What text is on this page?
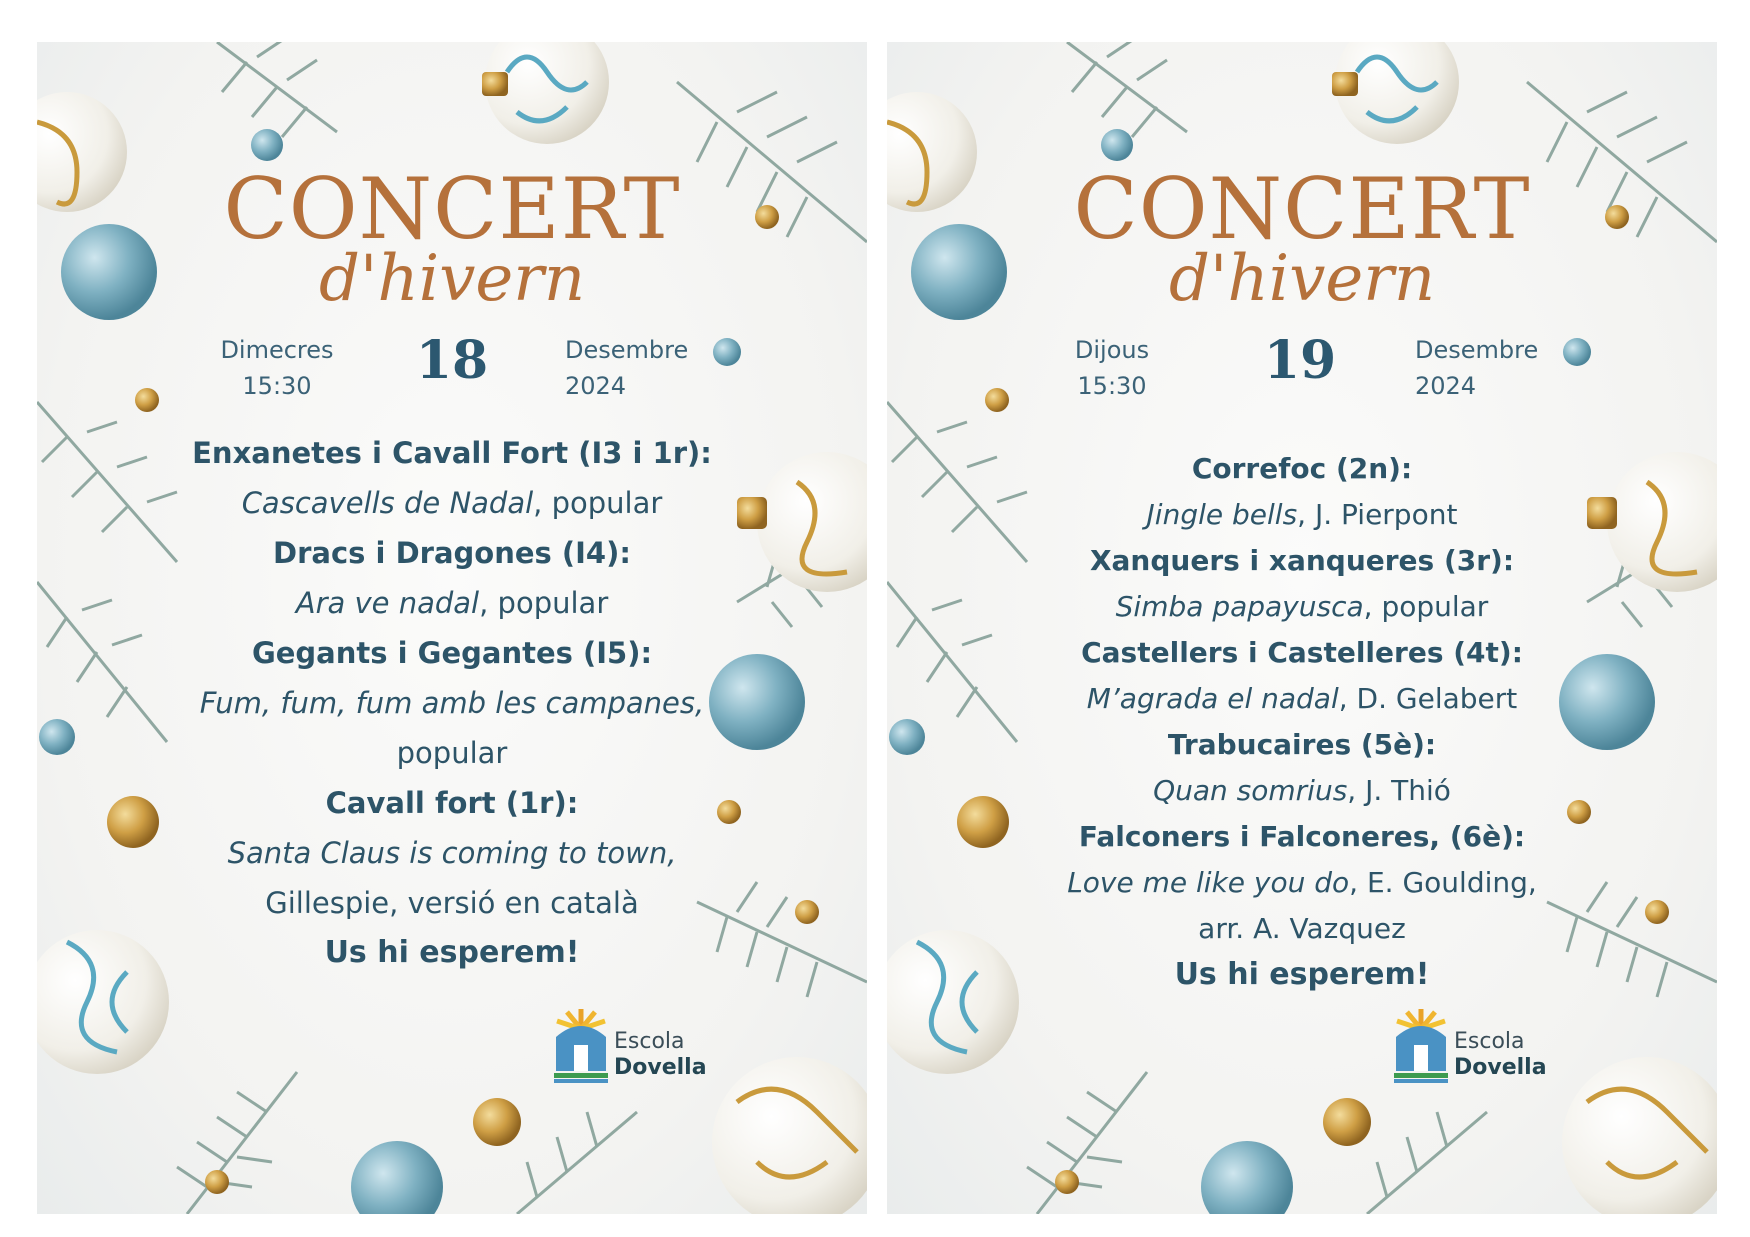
CONCERT
d'hivern
Dimecres
15:30	18	Desembre
2024

Enxanetes i Cavall Fort (I3 i 1r):

Cascavells de Nadal, popular

Dracs i Dragones (I4):

Ara ve nadal, popular

Gegants i Gegantes (I5):

Fum, fum, fum amb les campanes,

popular

Cavall fort (1r):

Santa Claus is coming to town,

Gillespie, versió en català

Us hi esperem!

Escola
Dovella
CONCERT
d'hivern
Dijous
15:30	19	Desembre
2024

Correfoc (2n):

Jingle bells, J. Pierpont

Xanquers i xanqueres (3r):

Simba papayusca, popular

Castellers i Castelleres (4t):

M’agrada el nadal, D. Gelabert

Trabucaires (5è):

Quan somrius, J. Thió

Falconers i Falconeres, (6è):

Love me like you do, E. Goulding,

arr. A. Vazquez

Us hi esperem!

Escola
Dovella
